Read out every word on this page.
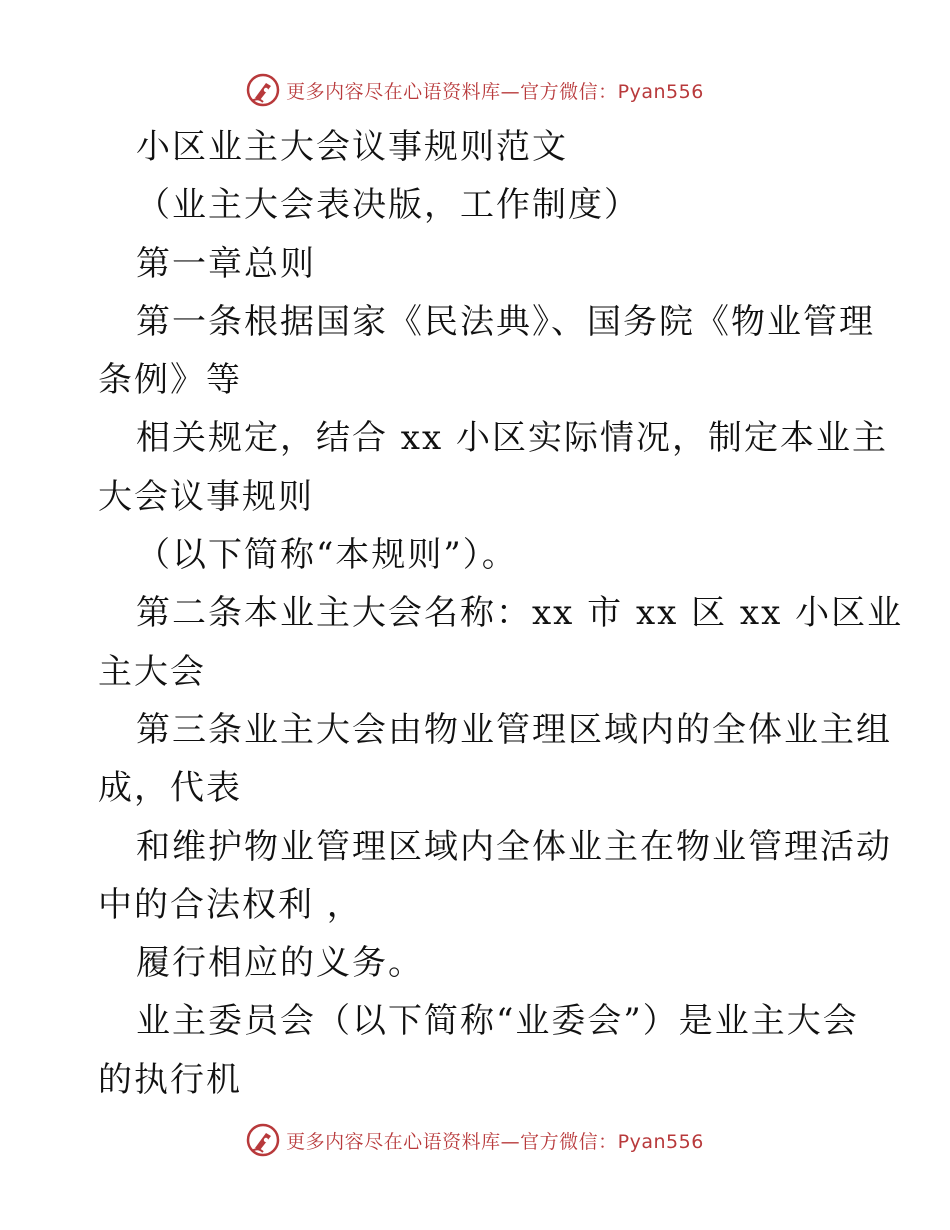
更多内容尽在心语资料库—官方微信：Pyan556
小区业主大会议事规则范文
（业主大会表决版，工作制度）
第一章总则
第一条根据国家《民法典》、国务院《物业管理
条例》等
相关规定，结合 xx 小区实际情况，制定本业主
大会议事规则
（以下简称“本规则”）。
第二条本业主大会名称：xx 市 xx 区 xx 小区业
主大会
第三条业主大会由物业管理区域内的全体业主组
成，代表
和维护物业管理区域内全体业主在物业管理活动
中的合法权利 ，
履行相应的义务。
业主委员会（以下简称“业委会”）是业主大会
的执行机
更多内容尽在心语资料库—官方微信：Pyan556
